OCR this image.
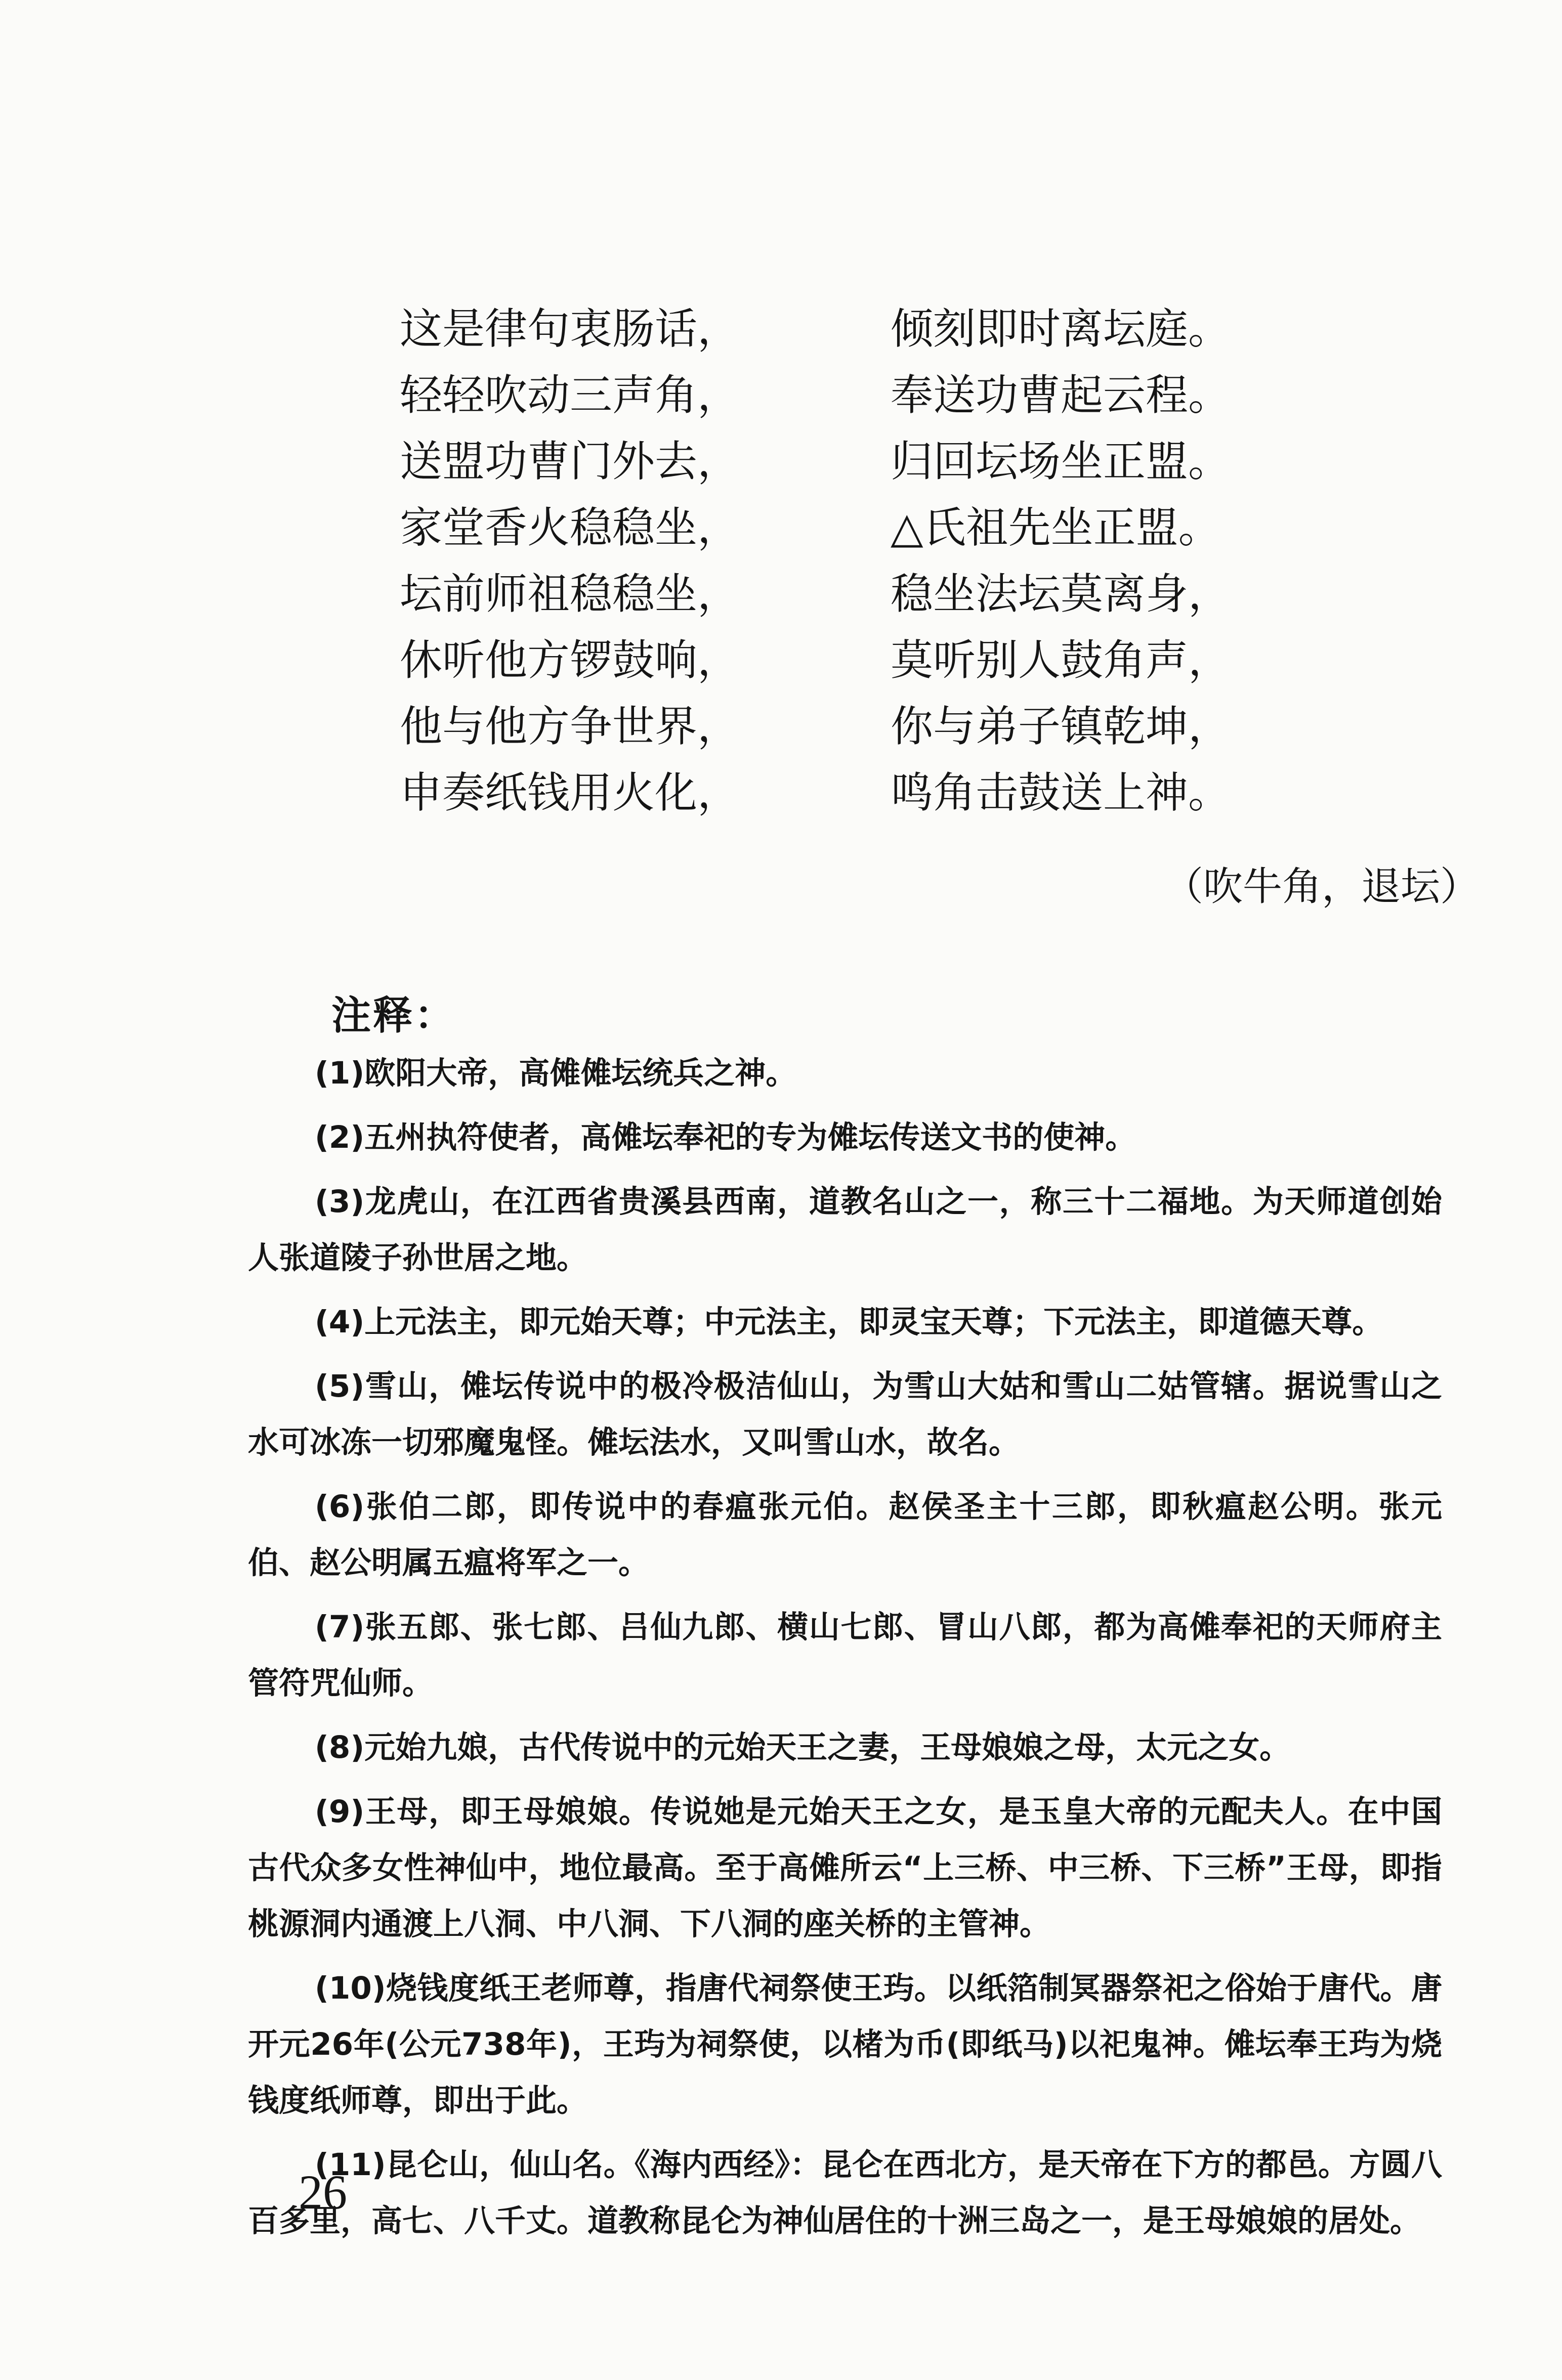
这是律句衷肠话，	倾刻即时离坛庭。
轻轻吹动三声角，	奉送功曹起云程。
送盟功曹门外去，	归回坛场坐正盟。
家堂香火稳稳坐，	△氏祖先坐正盟。
坛前师祖稳稳坐，	稳坐法坛莫离身，
休听他方锣鼓响，	莫听别人鼓角声，
他与他方争世界，	你与弟子镇乾坤，
申奏纸钱用火化，	鸣角击鼓送上神。
（吹牛角，退坛）
注释：

(1)欧阳大帝，高傩傩坛统兵之神。

(2)五州执符使者，高傩坛奉祀的专为傩坛传送文书的使神。

(3)龙虎山，在江西省贵溪县西南，道教名山之一，称三十二福地。为天师道创始人张道陵子孙世居之地。

(4)上元法主，即元始天尊；中元法主，即灵宝天尊；下元法主，即道德天尊。

(5)雪山，傩坛传说中的极冷极洁仙山，为雪山大姑和雪山二姑管辖。据说雪山之水可冰冻一切邪魔鬼怪。傩坛法水，又叫雪山水，故名。

(6)张伯二郎，即传说中的春瘟张元伯。赵侯圣主十三郎，即秋瘟赵公明。张元伯、赵公明属五瘟将军之一。

(7)张五郎、张七郎、吕仙九郎、横山七郎、冒山八郎，都为高傩奉祀的天师府主管符咒仙师。

(8)元始九娘，古代传说中的元始天王之妻，王母娘娘之母，太元之女。

(9)王母，即王母娘娘。传说她是元始天王之女，是玉皇大帝的元配夫人。在中国古代众多女性神仙中，地位最高。至于高傩所云“上三桥、中三桥、下三桥”王母，即指桃源洞内通渡上八洞、中八洞、下八洞的座关桥的主管神。

(10)烧钱度纸王老师尊，指唐代祠祭使王玙。以纸箔制冥器祭祀之俗始于唐代。唐开元26年(公元738年)，王玙为祠祭使，以楮为币(即纸马)以祀鬼神。傩坛奉王玙为烧钱度纸师尊，即出于此。

(11)昆仑山，仙山名。《海内西经》：昆仑在西北方，是天帝在下方的都邑。方圆八百多里，高七、八千丈。道教称昆仑为神仙居住的十洲三岛之一，是王母娘娘的居处。

26
